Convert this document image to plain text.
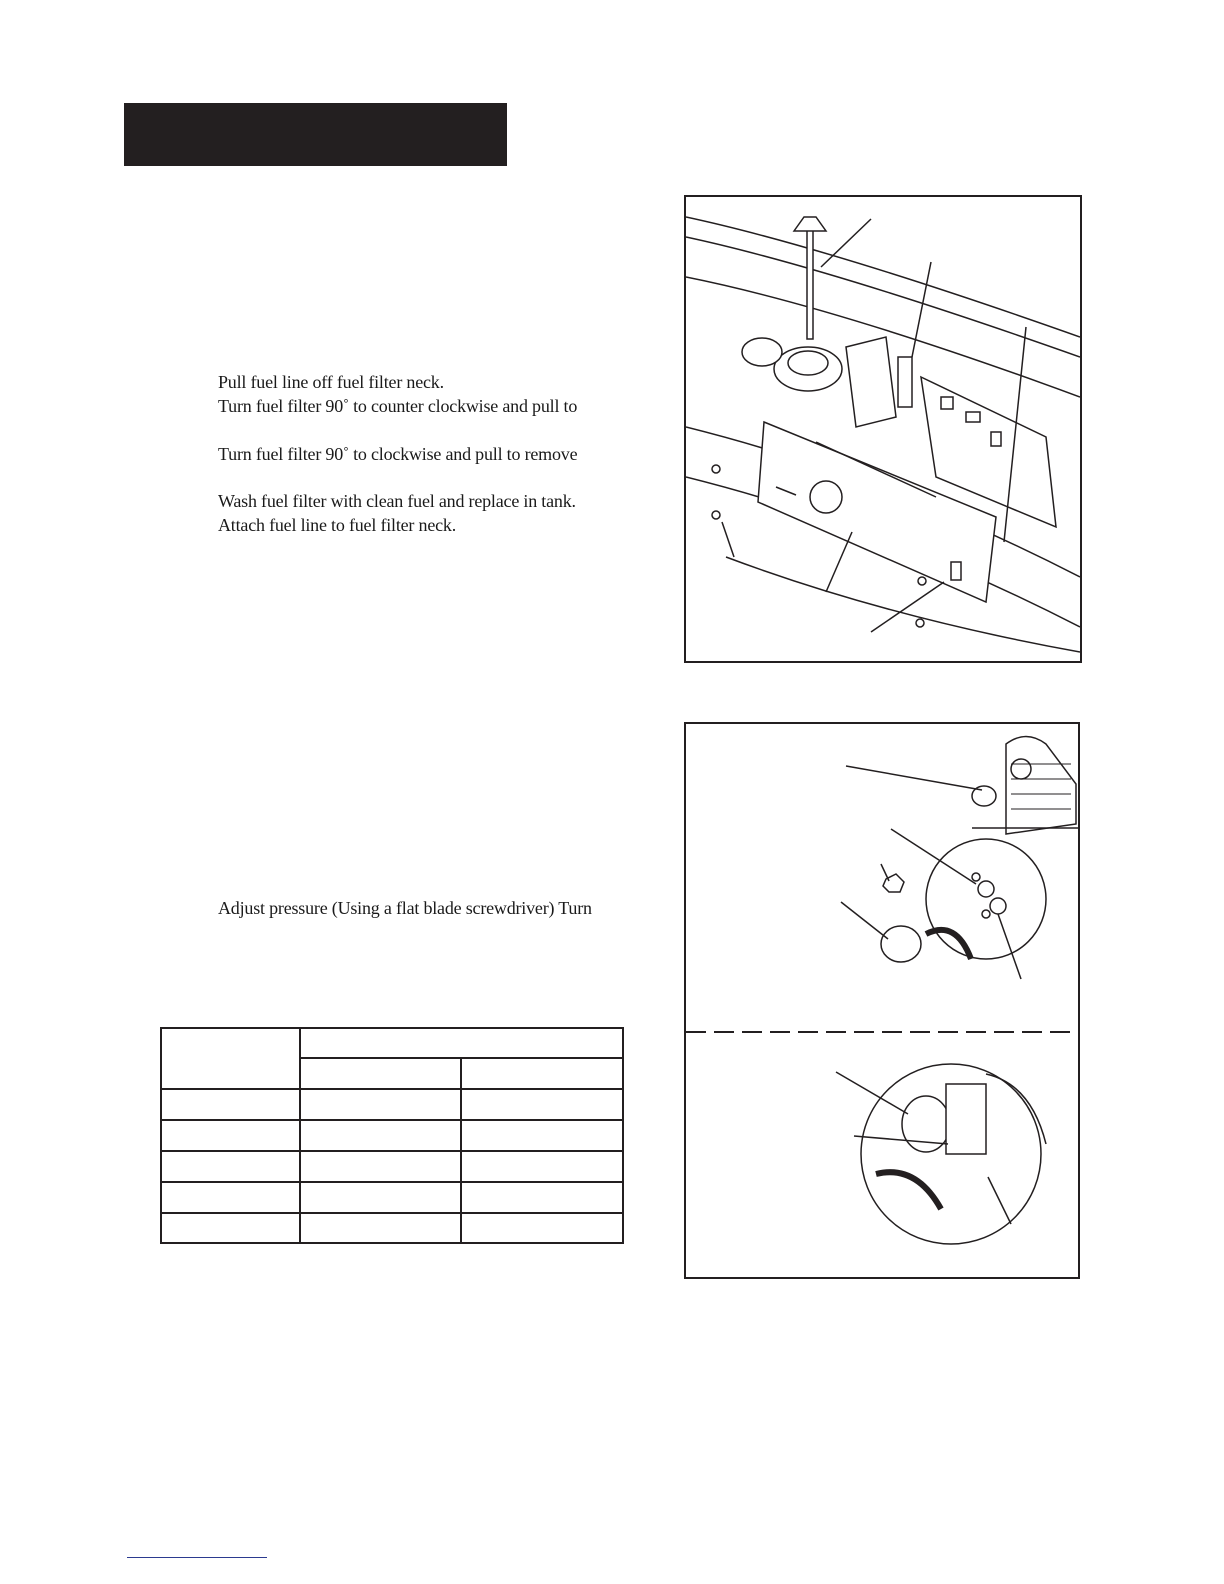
Pull fuel line off fuel filter neck.
Turn fuel filter 90˚ to counter clockwise and pull to
Turn fuel filter 90˚ to clockwise and pull to remove
Wash fuel filter with clean fuel and replace in tank.
Attach fuel line to fuel filter neck.
Adjust pressure (Using a flat blade screwdriver) Turn
